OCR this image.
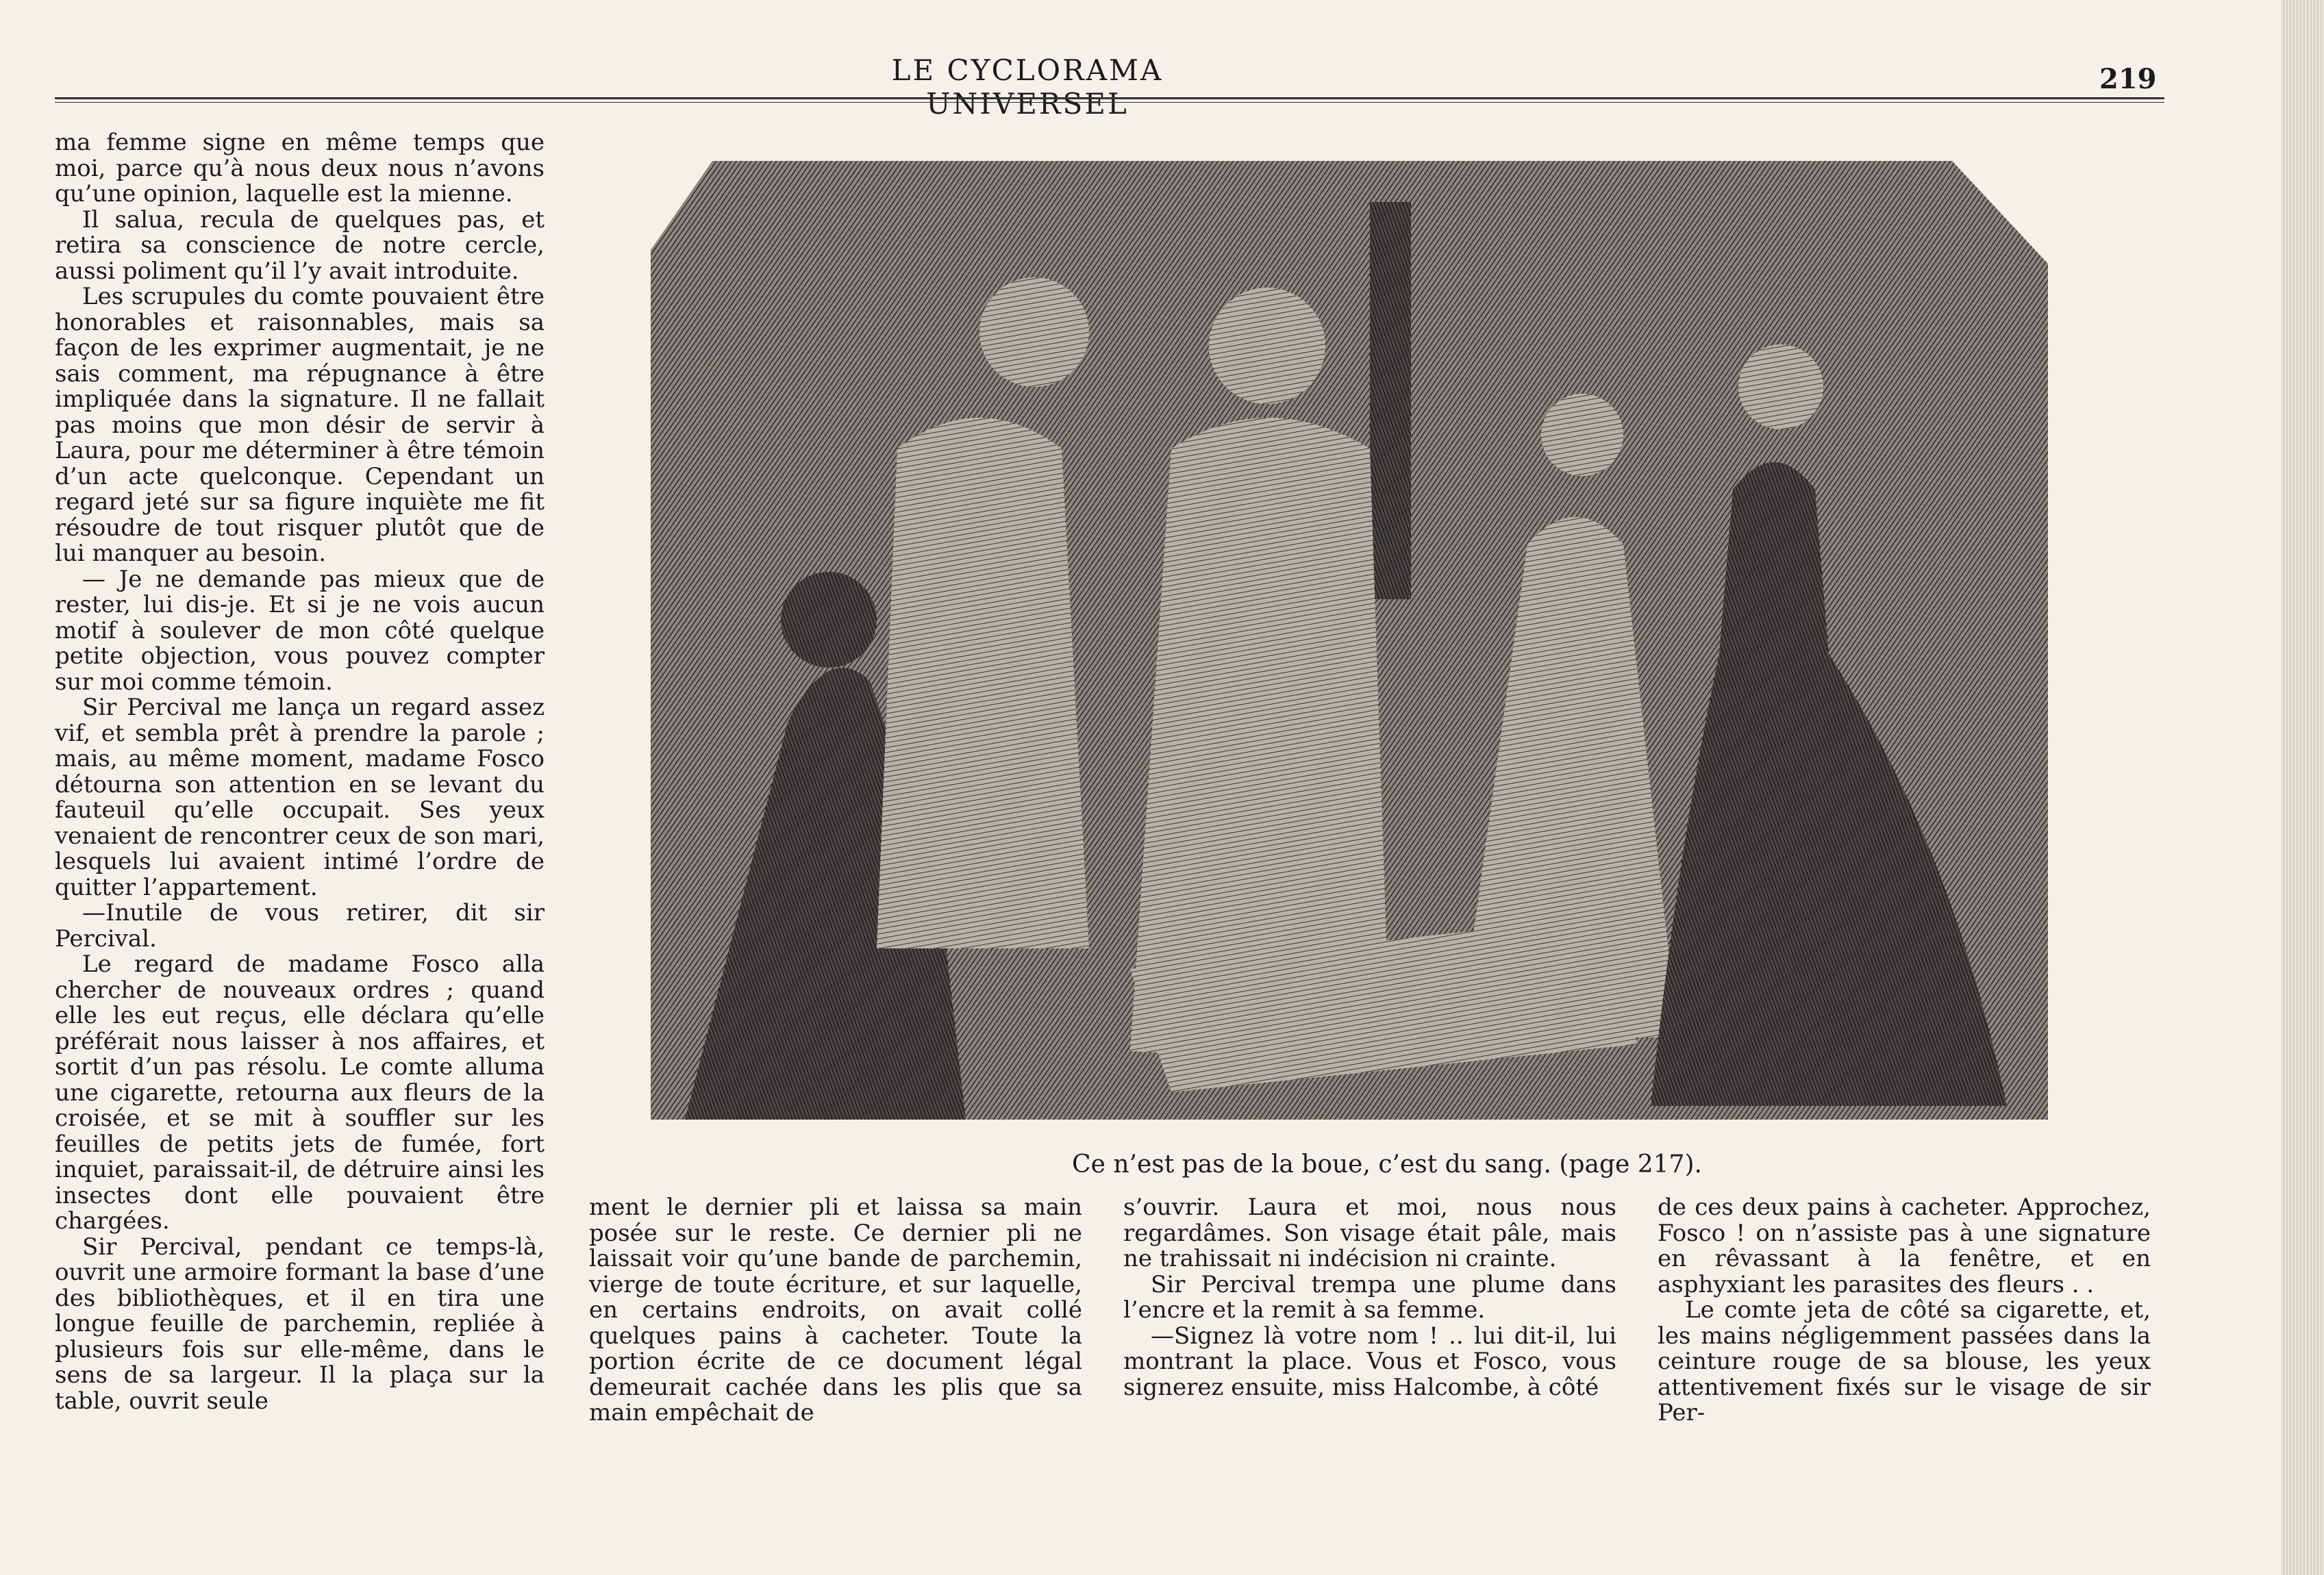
LE CYCLORAMA UNIVERSEL
219

ma femme signe en même temps que moi, parce qu’à nous deux nous n’avons qu’une opinion, laquelle est la mienne.

Il salua, recula de quelques pas, et retira sa conscience de notre cercle, aussi poliment qu’il l’y avait introduite.

Les scrupules du comte pouvaient être honorables et raisonnables, mais sa façon de les exprimer augmentait, je ne sais comment, ma répugnance à être impliquée dans la signature. Il ne fallait pas moins que mon désir de servir à Laura, pour me déterminer à être témoin d’un acte quelconque. Cependant un regard jeté sur sa figure inquiète me fit résoudre de tout risquer plutôt que de lui manquer au besoin.

— Je ne demande pas mieux que de rester, lui dis-je. Et si je ne vois aucun motif à soulever de mon côté quelque petite objection, vous pouvez compter sur moi comme témoin.

Sir Percival me lança un regard assez vif, et sembla prêt à prendre la parole ; mais, au même moment, madame Fosco détourna son attention en se levant du fauteuil qu’elle occupait. Ses yeux venaient de rencontrer ceux de son mari, lesquels lui avaient intimé l’ordre de quitter l’appartement.

—Inutile de vous retirer, dit sir Percival.

Le regard de madame Fosco alla chercher de nouveaux ordres ; quand elle les eut reçus, elle déclara qu’elle préférait nous laisser à nos affaires, et sortit d’un pas résolu. Le comte alluma une cigarette, retourna aux fleurs de la croisée, et se mit à souffler sur les feuilles de petits jets de fumée, fort inquiet, paraissait-il, de détruire ainsi les insectes dont elle pouvaient être chargées.

Sir Percival, pendant ce temps-là, ouvrit une armoire formant la base d’une des bibliothèques, et il en tira une longue feuille de parchemin, repliée à plusieurs fois sur elle-même, dans le sens de sa largeur. Il la plaça sur la table, ouvrit seule

Ce n’est pas de la boue, c’est du sang. (page 217).

ment le dernier pli et laissa sa main posée sur le reste. Ce dernier pli ne laissait voir qu’une bande de parchemin, vierge de toute écriture, et sur laquelle, en certains endroits, on avait collé quelques pains à cacheter. Toute la portion écrite de ce document légal demeurait cachée dans les plis que sa main empêchait de

s’ouvrir. Laura et moi, nous nous regardâmes. Son visage était pâle, mais ne trahissait ni indécision ni crainte.

Sir Percival trempa une plume dans l’encre et la remit à sa femme.

—Signez là votre nom ! .. lui dit-il, lui montrant la place. Vous et Fosco, vous signerez ensuite, miss Halcombe, à côté

de ces deux pains à cacheter. Approchez, Fosco ! on n’assiste pas à une signature en rêvassant à la fenêtre, et en asphyxiant les parasites des fleurs . .

Le comte jeta de côté sa cigarette, et, les mains négligemment passées dans la ceinture rouge de sa blouse, les yeux attentivement fixés sur le visage de sir Per-
